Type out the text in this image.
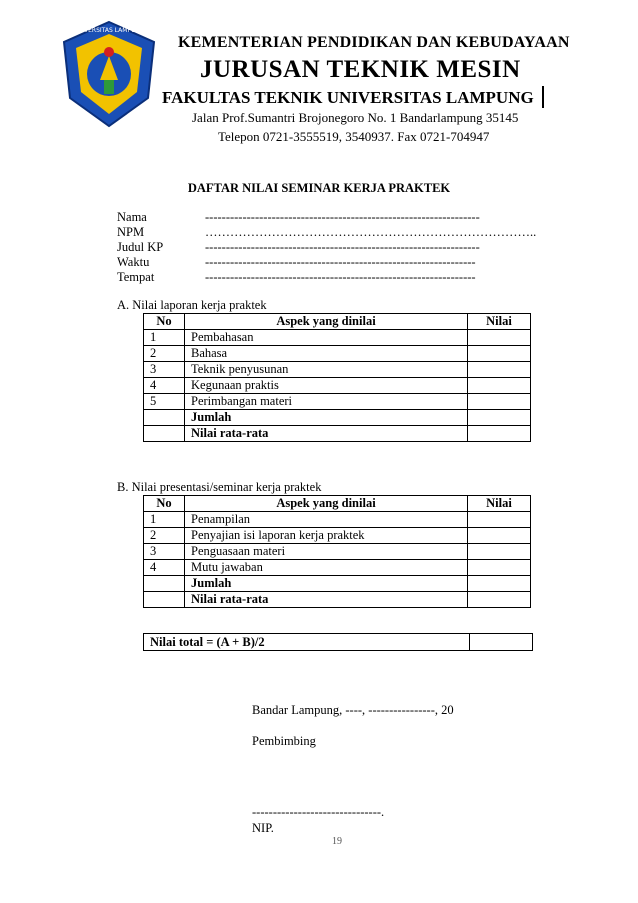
UNIVERSITAS LAMPUNG
KEMENTERIAN PENDIDIKAN DAN KEBUDAYAAN
JURUSAN TEKNIK MESIN
FAKULTAS TEKNIK UNIVERSITAS LAMPUNG
Jalan Prof.Sumantri Brojonegoro No. 1 Bandarlampung 35145
Telepon 0721-3555519, 3540937. Fax 0721-704947
DAFTAR NILAI SEMINAR KERJA PRAKTEK
Nama	------------------------------------------------------------------
NPM	……………………………………………………………………..
Judul KP	------------------------------------------------------------------
Waktu	-----------------------------------------------------------------
Tempat	-----------------------------------------------------------------
A. Nilai laporan kerja praktek
No	Aspek yang dinilai	Nilai
1	Pembahasan	
2	Bahasa	
3	Teknik penyusunan	
4	Kegunaan praktis	
5	Perimbangan materi	
	Jumlah	
	Nilai rata-rata	
B. Nilai presentasi/seminar kerja praktek
No	Aspek yang dinilai	Nilai
1	Penampilan	
2	Penyajian isi laporan kerja praktek	
3	Penguasaan materi	
4	Mutu jawaban	
	Jumlah	
	Nilai rata-rata	
Nilai total = (A + B)/2	
Bandar Lampung, ----, ----------------, 20
Pembimbing
-------------------------------.
NIP.
19
